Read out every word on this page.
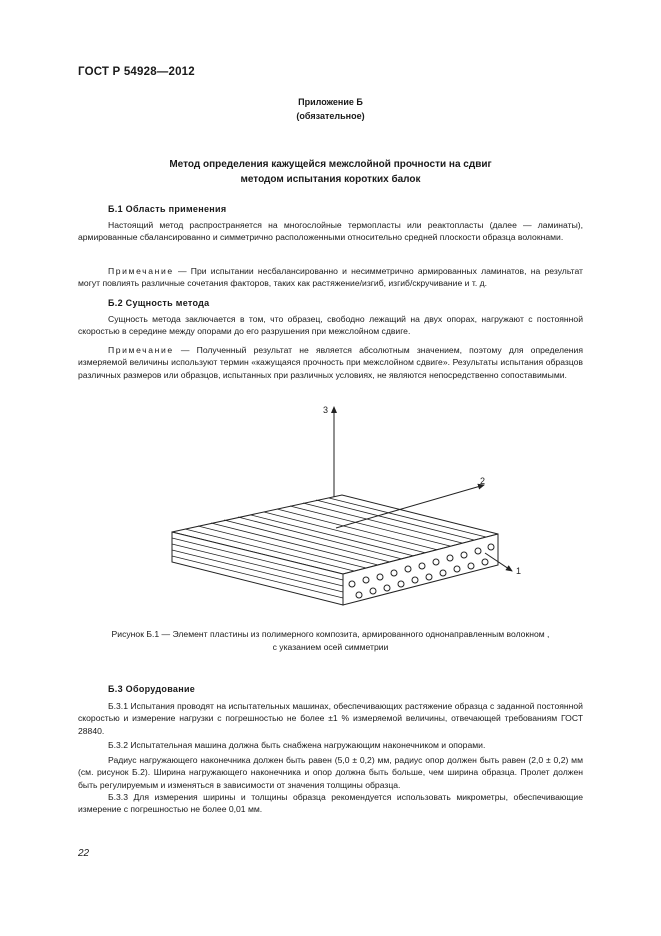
ГОСТ Р 54928—2012
Приложение Б
(обязательное)
Метод определения кажущейся межслойной прочности на сдвиг
методом испытания коротких балок
Б.1 Область применения
Настоящий метод распространяется на многослойные термопласты или реактопласты (далее — ламинаты), армированные сбалансированно и симметрично расположенными относительно средней плоскости образца волокнами.
Примечание — При испытании несбалансированно и несимметрично армированных ламинатов, на результат могут повлиять различные сочетания факторов, таких как растяжение/изгиб, изгиб/скручивание и т. д.
Б.2 Сущность метода
Сущность метода заключается в том, что образец, свободно лежащий на двух опорах, нагружают с постоянной скоростью в середине между опорами до его разрушения при межслойном сдвиге.
Примечание — Полученный результат не является абсолютным значением, поэтому для определения измеряемой величины используют термин «кажущаяся прочность при межслойном сдвиге». Результаты испытания образцов различных размеров или образцов, испытанных при различных условиях, не являются непосредственно сопоставимыми.
3
2
1
Рисунок Б.1 — Элемент пластины из полимерного композита, армированного однонаправленным волокном ,
с указанием осей симметрии
Б.3 Оборудование
Б.3.1 Испытания проводят на испытательных машинах, обеспечивающих растяжение образца с заданной постоянной скоростью и измерение нагрузки с погрешностью не более ±1 % измеряемой величины, отвечающей требованиям ГОСТ 28840.
Б.3.2 Испытательная машина должна быть снабжена нагружающим наконечником и опорами.
Радиус нагружающего наконечника должен быть равен (5,0 ± 0,2) мм, радиус опор должен быть равен (2,0 ± 0,2) мм (см. рисунок Б.2). Ширина нагружающего наконечника и опор должна быть больше, чем ширина образца. Пролет должен быть регулируемым и изменяться в зависимости от значения толщины образца.
Б.3.3 Для измерения ширины и толщины образца рекомендуется использовать микрометры, обеспечивающие измерение с погрешностью не более 0,01 мм.
22
